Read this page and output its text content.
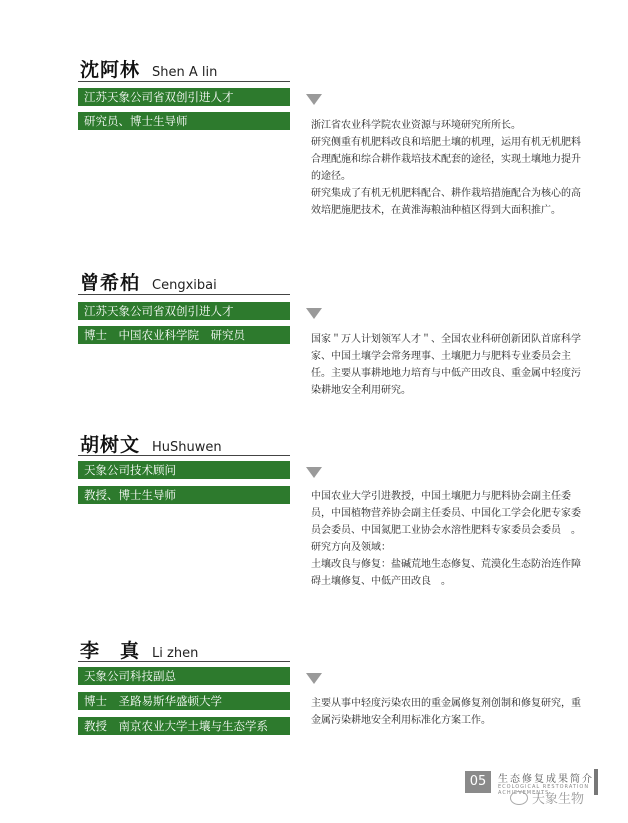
沈阿林 Shen A lin
江苏天象公司省双创引进人才
研究员、博士生导师	浙江省农业科学院农业资源与环境研究所所长。

研究侧重有机肥料改良和培肥土壤的机理，运用有机无机肥料合理配施和综合耕作栽培技术配套的途径，实现土壤地力提升的途径。

研究集成了有机无机肥料配合、耕作栽培措施配合为核心的高效培肥施肥技术，在黄淮海粮油种植区得到大面积推广。

曾希柏 Cengxibai
江苏天象公司省双创引进人才
博士　中国农业科学院　研究员	国家＂万人计划领军人才＂、全国农业科研创新团队首席科学家、中国土壤学会常务理事、土壤肥力与肥料专业委员会主任。主要从事耕地地力培育与中低产田改良、重金属中轻度污染耕地安全利用研究。

胡树文 HuShuwen
天象公司技术顾问
教授、博士生导师	中国农业大学引进教授，中国土壤肥力与肥料协会副主任委员，中国植物营养协会副主任委员、中国化工学会化肥专家委员会委员、中国氮肥工业协会水溶性肥料专家委员会委员　。

研究方向及领域：

土壤改良与修复：盐碱荒地生态修复、荒漠化生态防治连作障碍土壤修复、中低产田改良　。

李　真 Li zhen
天象公司科技副总
博士　圣路易斯华盛顿大学
教授　南京农业大学土壤与生态学系

主要从事中轻度污染农田的重金属修复剂创制和修复研究，重金属污染耕地安全利用标准化方案工作。

05	生态修复成果简介
ECOLOGICAL RESTORATION ACHIEVEMENTS
天象生物
